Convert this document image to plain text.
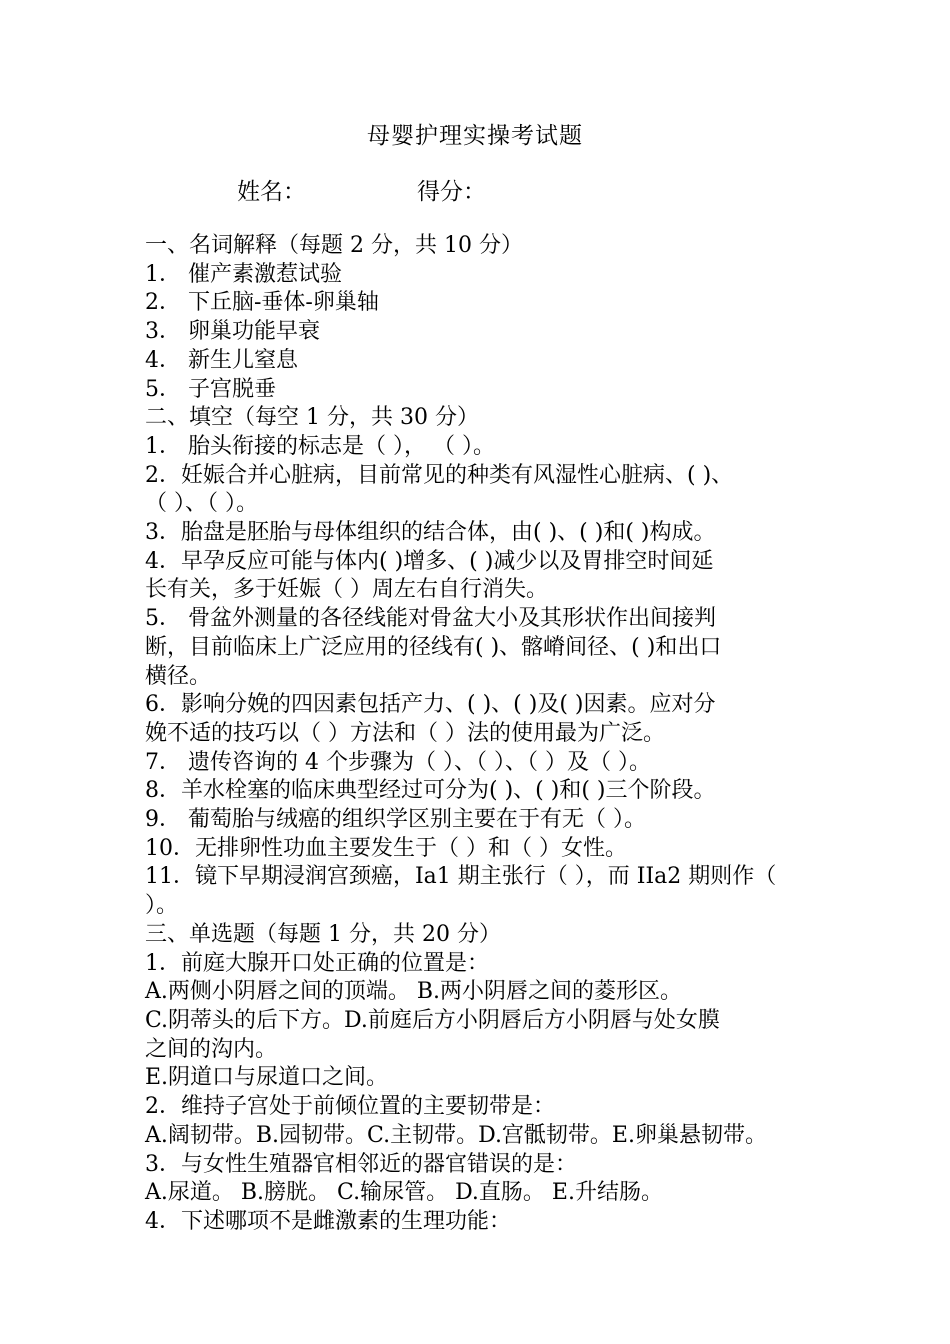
母婴护理实操考试题
姓名：	得分：
一、名词解释（每题 2 分，共 10 分）
1． 催产素激惹试验
2． 下丘脑-垂体-卵巢轴
3． 卵巢功能早衰
4． 新生儿窒息
5． 子宫脱垂
二、填空（每空 1 分，共 30 分）
1． 胎头衔接的标志是（ ）， （ ）。
2．妊娠合并心脏病，目前常见的种类有风湿性心脏病、( )、
（ ）、（ ）。
3．胎盘是胚胎与母体组织的结合体，由( )、( )和( )构成。
4．早孕反应可能与体内( )增多、( )减少以及胃排空时间延
长有关，多于妊娠（ ）周左右自行消失。
5． 骨盆外测量的各径线能对骨盆大小及其形状作出间接判
断，目前临床上广泛应用的径线有( )、髂嵴间径、( )和出口
横径。
6．影响分娩的四因素包括产力、( )、( )及( )因素。应对分
娩不适的技巧以（ ）方法和（ ）法的使用最为广泛。
7． 遗传咨询的 4 个步骤为（ ）、（ ）、（ ）及（ ）。
8．羊水栓塞的临床典型经过可分为( )、( )和( )三个阶段。
9． 葡萄胎与绒癌的组织学区别主要在于有无（ ）。
10．无排卵性功血主要发生于（ ）和（ ）女性。
11．镜下早期浸润宫颈癌，Ia1 期主张行（ ），而 IIa2 期则作（
）。
三、单选题（每题 1 分，共 20 分）
1．前庭大腺开口处正确的位置是：
A.两侧小阴唇之间的顶端。 B.两小阴唇之间的菱形区。
C.阴蒂头的后下方。D.前庭后方小阴唇后方小阴唇与处女膜
之间的沟内。
E.阴道口与尿道口之间。
2．维持子宫处于前倾位置的主要韧带是：
A.阔韧带。B.园韧带。C.主韧带。D.宫骶韧带。E.卵巢悬韧带。
3．与女性生殖器官相邻近的器官错误的是：
A.尿道。 B.膀胱。 C.输尿管。 D.直肠。 E.升结肠。
4．下述哪项不是雌激素的生理功能：
